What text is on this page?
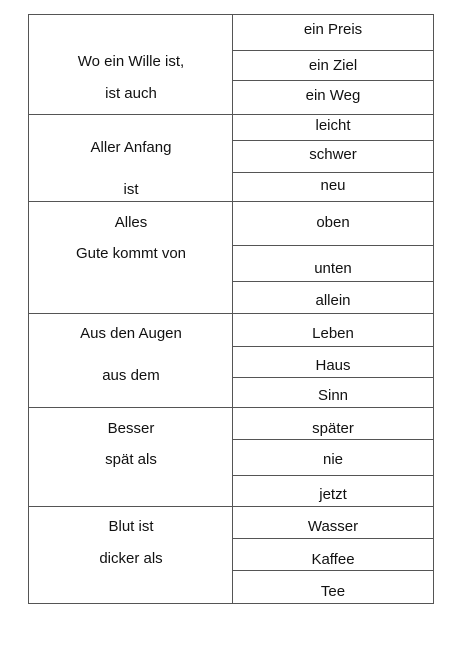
Wo ein Wille ist,
ist auch
ein Preis
ein Ziel
ein Weg
Aller Anfang
ist
leicht
schwer
neu
Alles
Gute kommt von
oben
unten
allein
Aus den Augen
aus dem
Leben
Haus
Sinn
Besser
spät als
später
nie
jetzt
Blut ist
dicker als
Wasser
Kaffee
Tee
